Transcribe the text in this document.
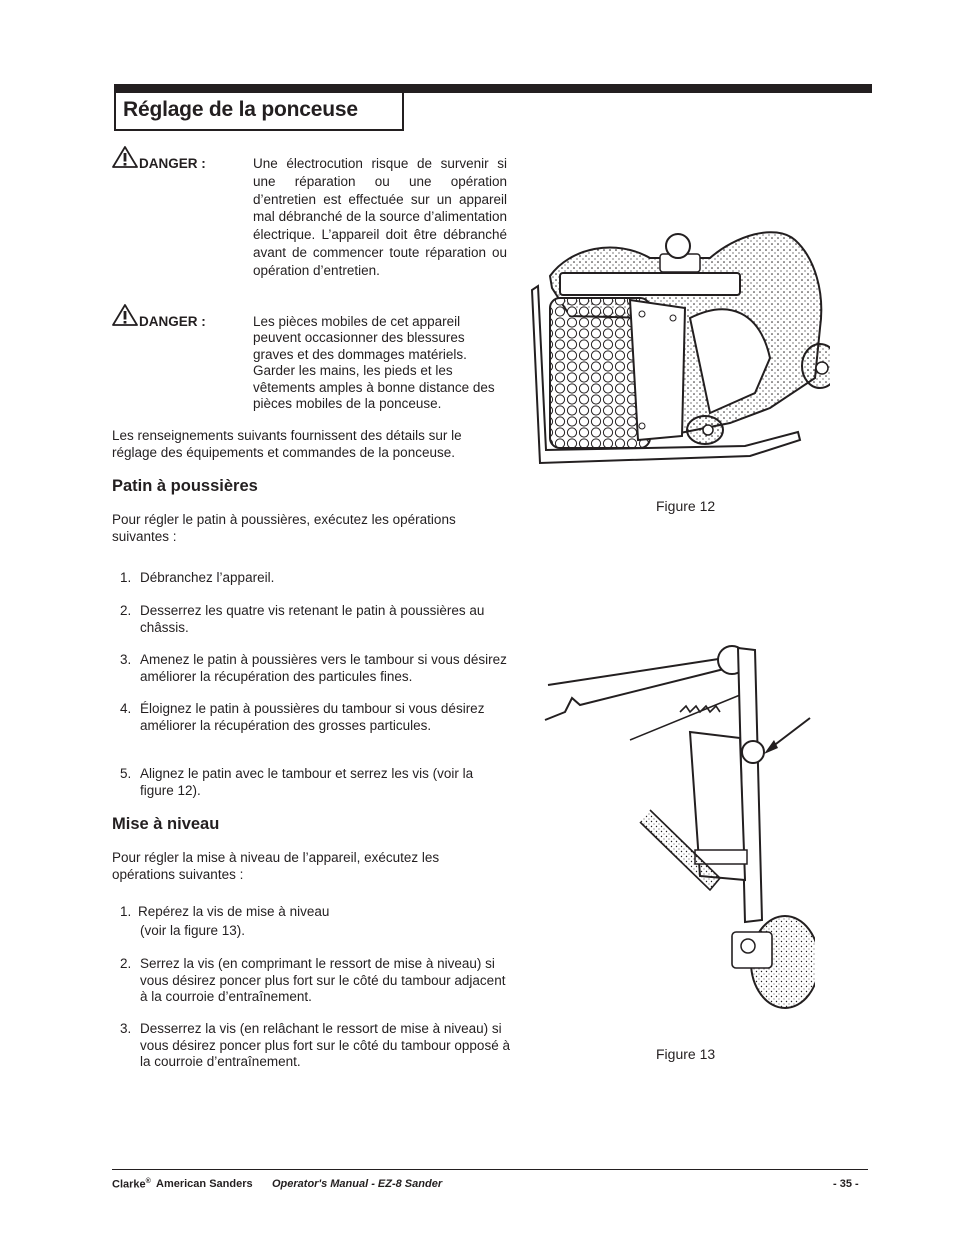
Réglage de la ponceuse
DANGER :	Une électrocution risque de survenir si une réparation ou une opération d’entretien est effectuée sur un appareil mal débranché de la source d’alimentation électrique. L’appareil doit être débranché avant de commencer toute réparation ou opération d’entretien.
DANGER :	Les pièces mobiles de cet appareil peuvent occasionner des blessures graves et des dommages matériels. Garder les mains, les pieds et les vêtements amples à bonne distance des pièces mobiles de la ponceuse.
Les renseignements suivants fournissent des détails sur le réglage des équipements et commandes de la ponceuse.
Patin à poussières
Pour régler le patin à poussières, exécutez les opérations suivantes :
1. Débranchez l’appareil.
2. Desserrez les quatre vis retenant le patin à poussières au châssis.
3. Amenez le patin à poussières vers le tambour si vous désirez améliorer la récupération des particules fines.
4. Éloignez le patin à poussières du tambour si vous désirez améliorer la récupération des grosses particules.
5. Alignez le patin avec le tambour et serrez les vis (voir la figure 12).
Mise à niveau
Pour régler la mise à niveau de l’appareil, exécutez les opérations suivantes :
1. Repérez la vis de mise à niveau
(voir la figure 13).
2. Serrez la vis (en comprimant le ressort de mise à niveau) si vous désirez poncer plus fort sur le côté du tambour adjacent à la courroie d’entraînement.
3. Desserrez la vis (en relâchant le ressort de mise à niveau) si vous désirez poncer plus fort sur le côté du tambour opposé à la courroie d’entraînement.
Figure 12
Figure 13
Clarke® American Sanders Operator's Manual - EZ-8 Sander	- 35 -
